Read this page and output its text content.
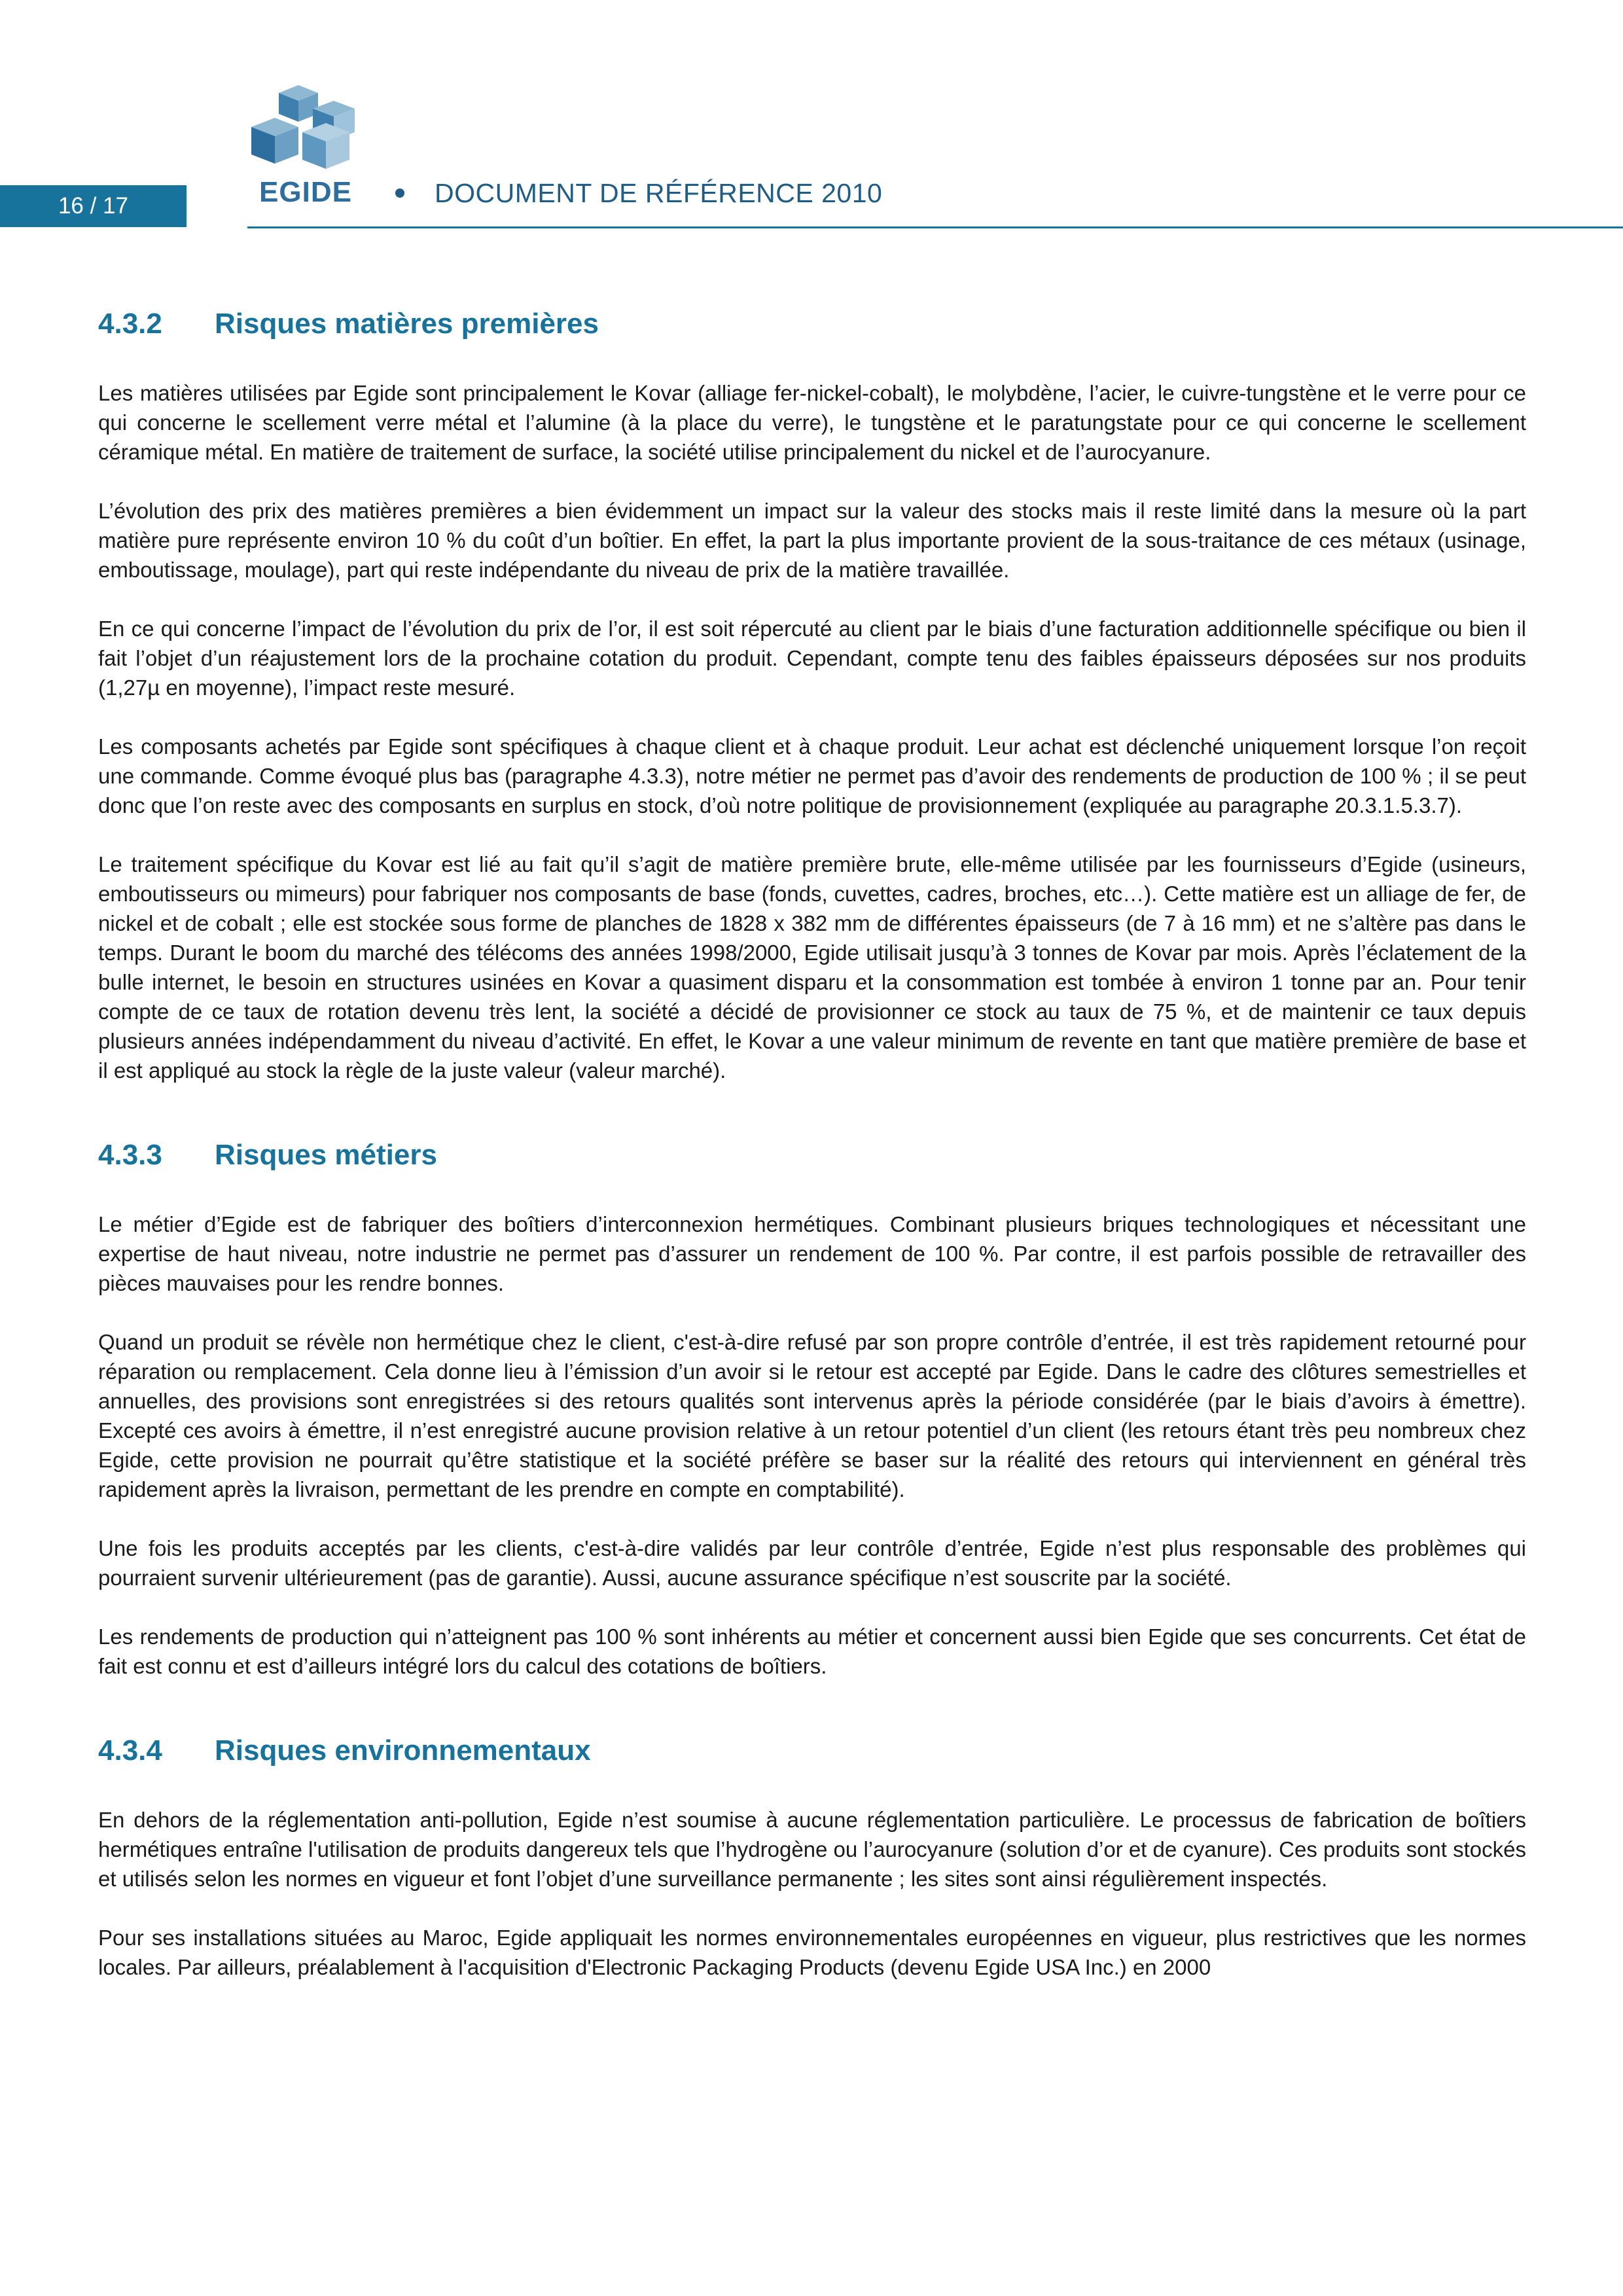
16 / 17	EGIDE	DOCUMENT DE RÉFÉRENCE 2010
4.3.2	Risques matières premières

Les matières utilisées par Egide sont principalement le Kovar (alliage fer-nickel-cobalt), le molybdène, l’acier, le cuivre-tungstène et le verre pour ce qui concerne le scellement verre métal et l’alumine (à la place du verre), le tungstène et le paratungstate pour ce qui concerne le scellement céramique métal. En matière de traitement de surface, la société utilise principalement du nickel et de l’aurocyanure.

L’évolution des prix des matières premières a bien évidemment un impact sur la valeur des stocks mais il reste limité dans la mesure où la part matière pure représente environ 10 % du coût d’un boîtier. En effet, la part la plus importante provient de la sous-traitance de ces métaux (usinage, emboutissage, moulage), part qui reste indépendante du niveau de prix de la matière travaillée.

En ce qui concerne l’impact de l’évolution du prix de l’or, il est soit répercuté au client par le biais d’une facturation additionnelle spécifique ou bien il fait l’objet d’un réajustement lors de la prochaine cotation du produit. Cependant, compte tenu des faibles épaisseurs déposées sur nos produits (1,27µ en moyenne), l’impact reste mesuré.

Les composants achetés par Egide sont spécifiques à chaque client et à chaque produit. Leur achat est déclenché uniquement lorsque l’on reçoit une commande. Comme évoqué plus bas (paragraphe 4.3.3), notre métier ne permet pas d’avoir des rendements de production de 100 % ; il se peut donc que l’on reste avec des composants en surplus en stock, d’où notre politique de provisionnement (expliquée au paragraphe 20.3.1.5.3.7).

Le traitement spécifique du Kovar est lié au fait qu’il s’agit de matière première brute, elle-même utilisée par les fournisseurs d’Egide (usineurs, emboutisseurs ou mimeurs) pour fabriquer nos composants de base (fonds, cuvettes, cadres, broches, etc…). Cette matière est un alliage de fer, de nickel et de cobalt ; elle est stockée sous forme de planches de 1828 x 382 mm de différentes épaisseurs (de 7 à 16 mm) et ne s’altère pas dans le temps. Durant le boom du marché des télécoms des années 1998/2000, Egide utilisait jusqu’à 3 tonnes de Kovar par mois. Après l’éclatement de la bulle internet, le besoin en structures usinées en Kovar a quasiment disparu et la consommation est tombée à environ 1 tonne par an. Pour tenir compte de ce taux de rotation devenu très lent, la société a décidé de provisionner ce stock au taux de 75 %, et de maintenir ce taux depuis plusieurs années indépendamment du niveau d’activité. En effet, le Kovar a une valeur minimum de revente en tant que matière première de base et il est appliqué au stock la règle de la juste valeur (valeur marché).

4.3.3	Risques métiers

Le métier d’Egide est de fabriquer des boîtiers d’interconnexion hermétiques. Combinant plusieurs briques technologiques et nécessitant une expertise de haut niveau, notre industrie ne permet pas d’assurer un rendement de 100 %. Par contre, il est parfois possible de retravailler des pièces mauvaises pour les rendre bonnes.

Quand un produit se révèle non hermétique chez le client, c'est-à-dire refusé par son propre contrôle d’entrée, il est très rapidement retourné pour réparation ou remplacement. Cela donne lieu à l’émission d’un avoir si le retour est accepté par Egide. Dans le cadre des clôtures semestrielles et annuelles, des provisions sont enregistrées si des retours qualités sont intervenus après la période considérée (par le biais d’avoirs à émettre). Excepté ces avoirs à émettre, il n’est enregistré aucune provision relative à un retour potentiel d’un client (les retours étant très peu nombreux chez Egide, cette provision ne pourrait qu’être statistique et la société préfère se baser sur la réalité des retours qui interviennent en général très rapidement après la livraison, permettant de les prendre en compte en comptabilité).

Une fois les produits acceptés par les clients, c'est-à-dire validés par leur contrôle d’entrée, Egide n’est plus responsable des problèmes qui pourraient survenir ultérieurement (pas de garantie). Aussi, aucune assurance spécifique n’est souscrite par la société.

Les rendements de production qui n’atteignent pas 100 % sont inhérents au métier et concernent aussi bien Egide que ses concurrents. Cet état de fait est connu et est d’ailleurs intégré lors du calcul des cotations de boîtiers.

4.3.4	Risques environnementaux

En dehors de la réglementation anti-pollution, Egide n’est soumise à aucune réglementation particulière. Le processus de fabrication de boîtiers hermétiques entraîne l'utilisation de produits dangereux tels que l’hydrogène ou l’aurocyanure (solution d’or et de cyanure). Ces produits sont stockés et utilisés selon les normes en vigueur et font l’objet d’une surveillance permanente ; les sites sont ainsi régulièrement inspectés.

Pour ses installations situées au Maroc, Egide appliquait les normes environnementales européennes en vigueur, plus restrictives que les normes locales. Par ailleurs, préalablement à l'acquisition d'Electronic Packaging Products (devenu Egide USA Inc.) en 2000
